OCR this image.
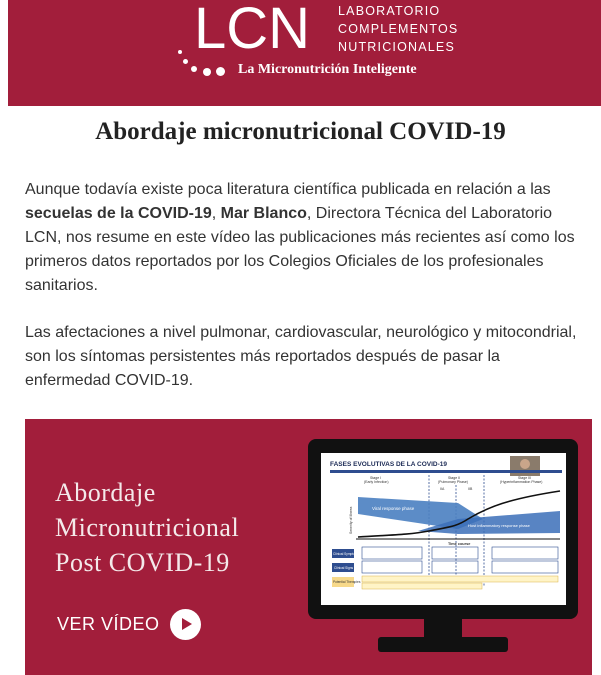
LCN LABORATORIO
COMPLEMENTOS
NUTRICIONALES
La Micronutrición Inteligente
Abordaje micronutricional COVID-19

Aunque todavía existe poca literatura científica publicada en relación a las secuelas de la COVID-19, Mar Blanco, Directora Técnica del Laboratorio LCN, nos resume en este vídeo las publicaciones más recientes así como los primeros datos reportados por los Colegios Oficiales de los profesionales sanitarios.

Las afectaciones a nivel pulmonar, cardiovascular, neurológico y mitocondrial, son los síntomas persistentes más reportados después de pasar la enfermedad COVID-19.

Abordaje
Micronutricional
Post COVID-19
VER VÍDEO
FASES EVOLUTIVAS DE LA COVID-19
Stage I
(Early Infection)
Stage II
(Pulmonary Phase)
Stage III
(Hyperinflammation Phase)
IIA	IIB
Severity of Illness	Viral response phase
Host inflammatory response phase
Time course
Clinical Symptoms
Clinical Signs
Potential Therapies
